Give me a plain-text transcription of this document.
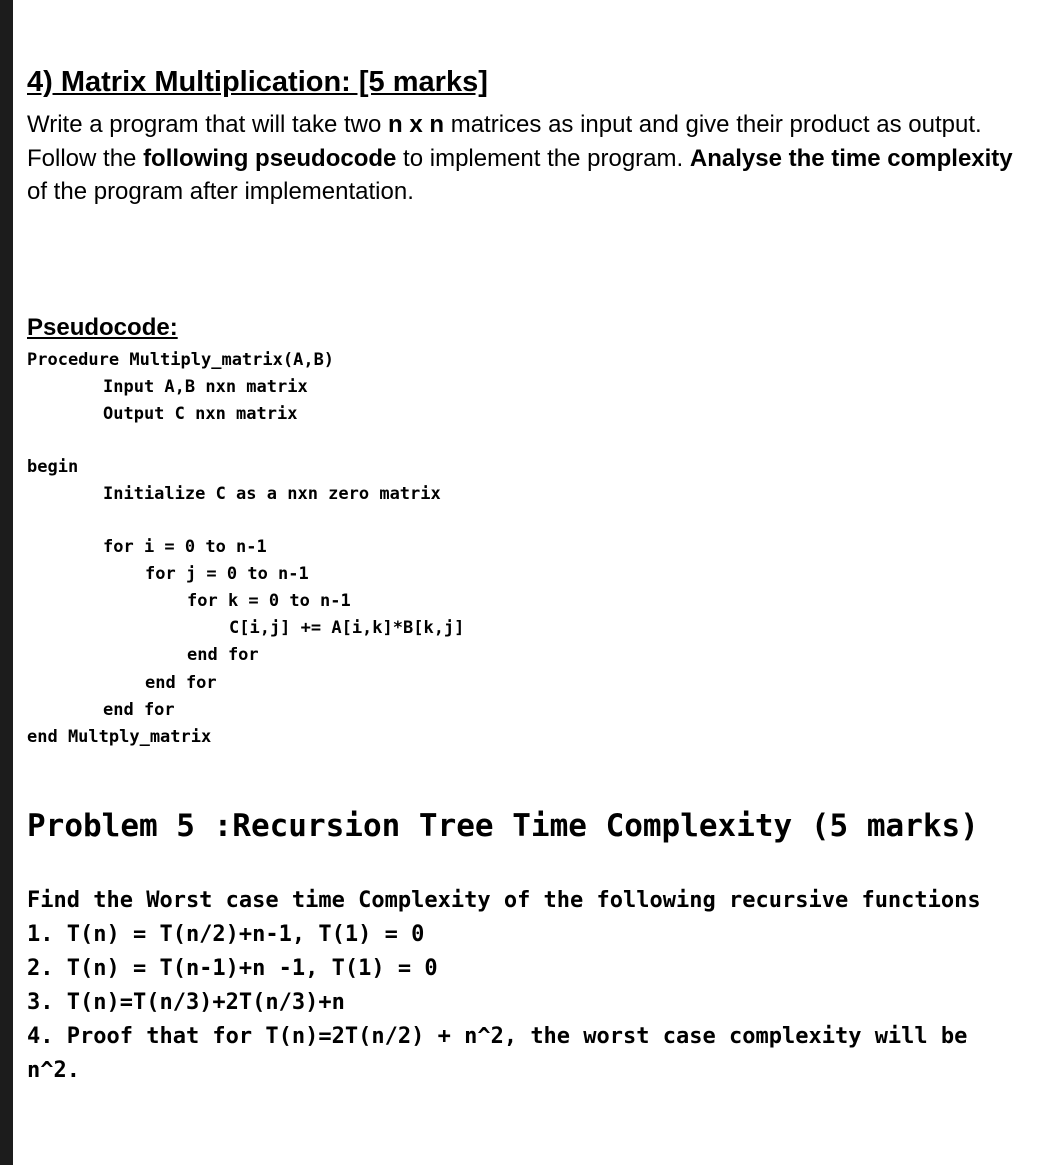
4) Matrix Multiplication: [5 marks]
Write a program that will take two n x n matrices as input and give their product as output. Follow the following pseudocode to implement the program. Analyse the time complexity of the program after implementation.
Pseudocode:
Procedure Multiply_matrix(A,B)
Input A,B nxn matrix
Output C nxn matrix
begin
Initialize C as a nxn zero matrix
for i = 0 to n-1
for j = 0 to n-1
for k = 0 to n-1
C[i,j] += A[i,k]*B[k,j]
end for
end for
end for
end Multply_matrix
Problem 5 :Recursion Tree Time Complexity (5 marks)
Find the Worst case time Complexity of the following recursive functions
1. T(n) = T(n/2)+n-1, T(1) = 0
2. T(n) = T(n-1)+n -1, T(1) = 0
3. T(n)=T(n/3)+2T(n/3)+n
4. Proof that for T(n)=2T(n/2) + n^2, the worst case complexity will be
n^2.
